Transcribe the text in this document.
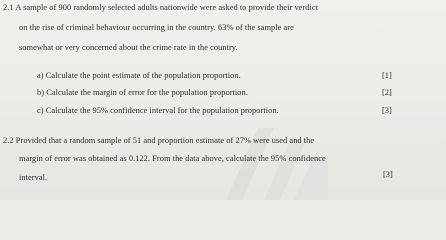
2.1 A sample of 900 randomly selected adults nationwide were asked to provide their verdict
on the rise of criminal behaviour occurring in the country. 63% of the sample are
somewhat or very concerned about the crime rate in the country.
a) Calculate the point estimate of the population proportion.	[1]
b) Calculate the margin of error for the population proportion.	[2]
c) Calculate the 95% confidence interval for the population proportion.	[3]
2.2 Provided that a random sample of 51 and proportion estimate of 27% were used and the
margin of error was obtained as 0.122. From the data above, calculate the 95% confidence
interval.	[3]
